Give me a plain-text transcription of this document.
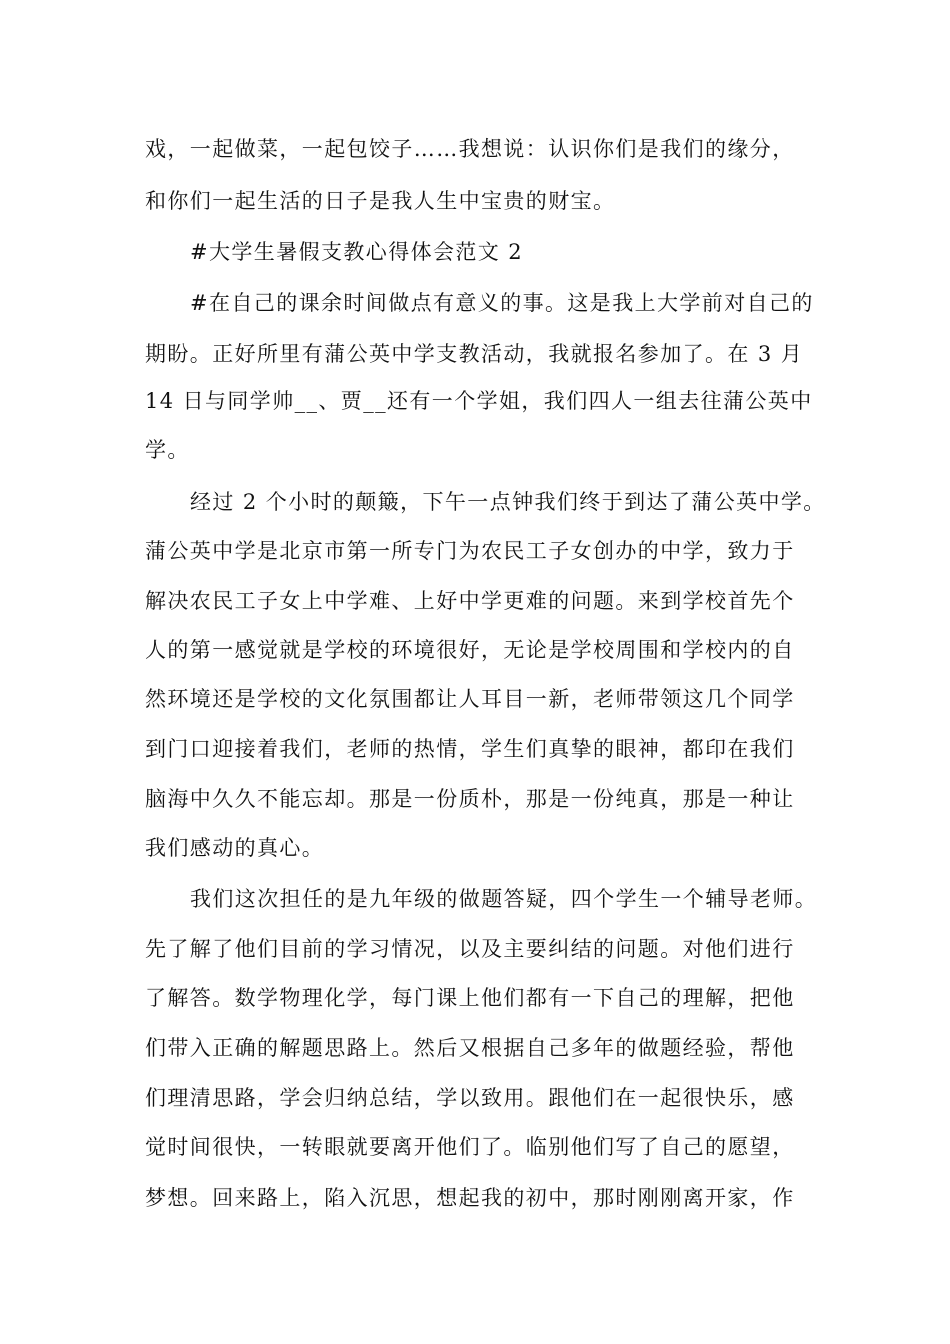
戏，一起做菜，一起包饺子……我想说：认识你们是我们的缘分，
和你们一起生活的日子是我人生中宝贵的财宝。
#大学生暑假支教心得体会范文 2
#在自己的课余时间做点有意义的事。这是我上大学前对自己的
期盼。正好所里有蒲公英中学支教活动，我就报名参加了。在 3 月
14 日与同学帅__、贾__还有一个学姐，我们四人一组去往蒲公英中
学。
经过 2 个小时的颠簸，下午一点钟我们终于到达了蒲公英中学。
蒲公英中学是北京市第一所专门为农民工子女创办的中学，致力于
解决农民工子女上中学难、上好中学更难的问题。来到学校首先个
人的第一感觉就是学校的环境很好，无论是学校周围和学校内的自
然环境还是学校的文化氛围都让人耳目一新，老师带领这几个同学
到门口迎接着我们，老师的热情，学生们真挚的眼神，都印在我们
脑海中久久不能忘却。那是一份质朴，那是一份纯真，那是一种让
我们感动的真心。
我们这次担任的是九年级的做题答疑，四个学生一个辅导老师。
先了解了他们目前的学习情况，以及主要纠结的问题。对他们进行
了解答。数学物理化学，每门课上他们都有一下自己的理解，把他
们带入正确的解题思路上。然后又根据自己多年的做题经验，帮他
们理清思路，学会归纳总结，学以致用。跟他们在一起很快乐，感
觉时间很快，一转眼就要离开他们了。临别他们写了自己的愿望，
梦想。回来路上，陷入沉思，想起我的初中，那时刚刚离开家，作
